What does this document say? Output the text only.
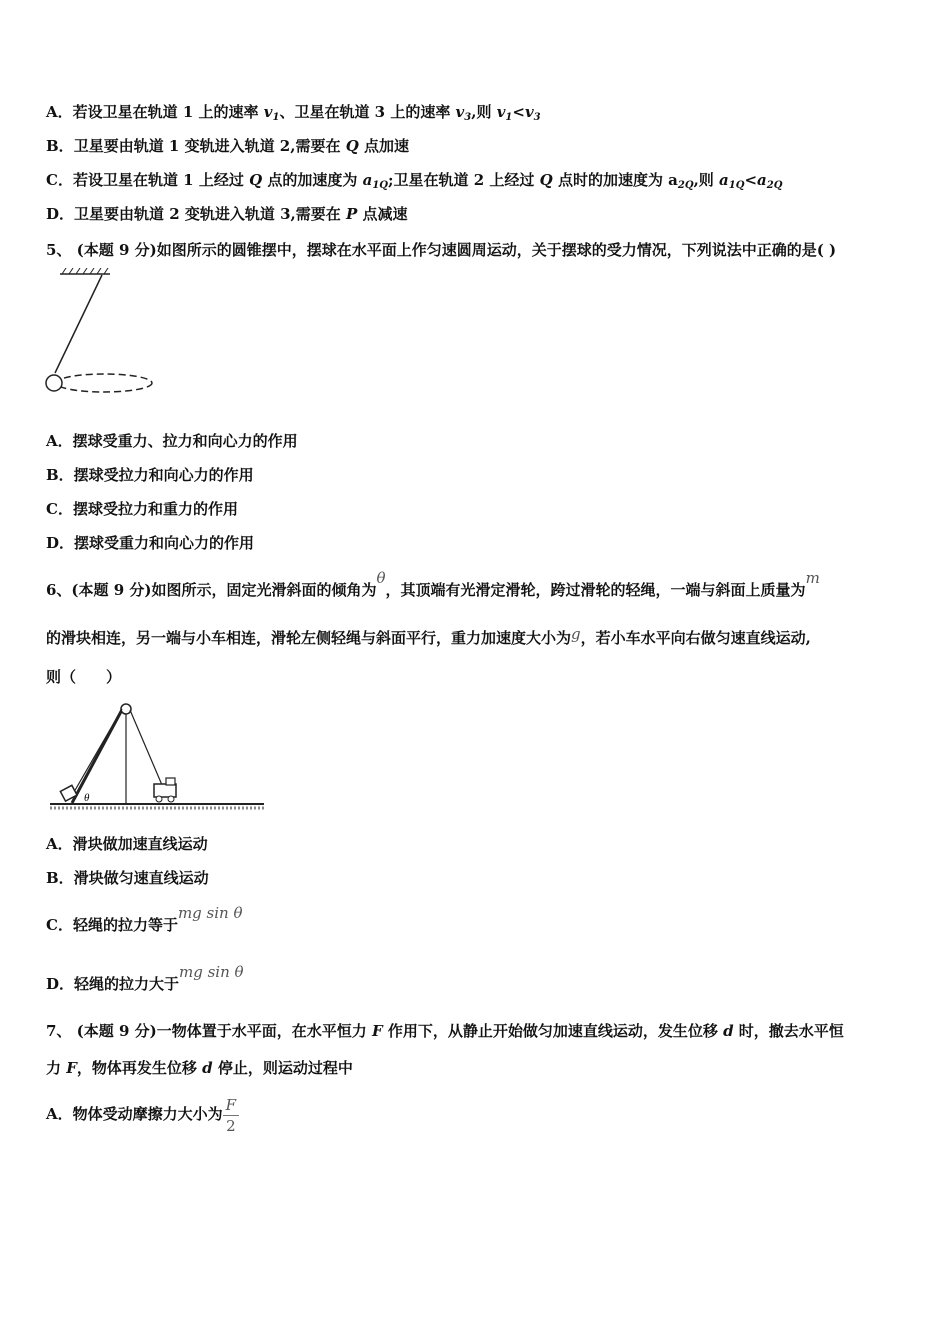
A．若设卫星在轨道 1 上的速率 $v_1$、卫星在轨道 3 上的速率 $v_3$,则 $v_1<v_3$
B．卫星要由轨道 1 变轨进入轨道 2,需要在 Q 点加速
C．若设卫星在轨道 1 上经过 Q 点的加速度为 $a_{1Q}$;卫星在轨道 2 上经过 Q 点时的加速度为 $a_{2Q}$,则 $a_{1Q}<a_{2Q}$
D．卫星要由轨道 2 变轨进入轨道 3,需要在 P 点减速
5、 (本题 9 分)如图所示的圆锥摆中，摆球在水平面上作匀速圆周运动，关于摆球的受力情况，下列说法中正确的是( )
A．摆球受重力、拉力和向心力的作用
B．摆球受拉力和向心力的作用
C．摆球受拉力和重力的作用
D．摆球受重力和向心力的作用
6、(本题 9 分)如图所示，固定光滑斜面的倾角为θ，其顶端有光滑定滑轮，跨过滑轮的轻绳，一端与斜面上质量为m
的滑块相连，另一端与小车相连，滑轮左侧轻绳与斜面平行，重力加速度大小为g，若小车水平向右做匀速直线运动,
则（　　）
θ
A．滑块做加速直线运动
B．滑块做匀速直线运动
C．轻绳的拉力等于mg sin θ
D．轻绳的拉力大于mg sin θ
7、 (本题 9 分)一物体置于水平面，在水平恒力 F 作用下，从静止开始做匀加速直线运动，发生位移 d 时，撤去水平恒
力 F，物体再发生位移 d 停止，则运动过程中
A．物体受动摩擦力大小为 $\frac{F}{2}$
